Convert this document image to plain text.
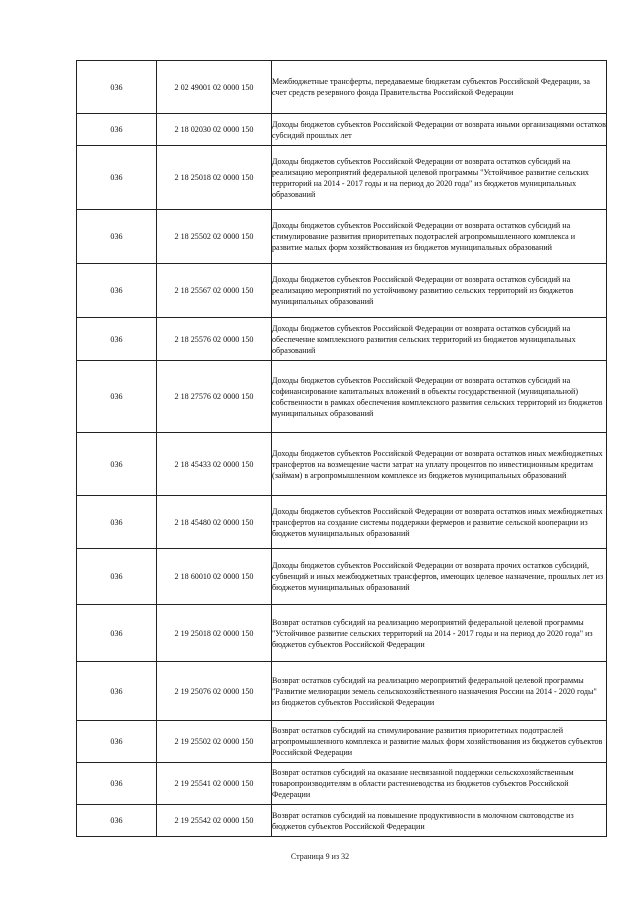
036	2 02 49001 02 0000 150	Межбюджетные трансферты, передаваемые бюджетам субъектов Российской Федерации, за счет средств резервного фонда Правительства Российской Федерации
036	2 18 02030 02 0000 150	Доходы бюджетов субъектов Российской Федерации от возврата иными организациями остатков субсидий прошлых лет
036	2 18 25018 02 0000 150	Доходы бюджетов субъектов Российской Федерации от возврата остатков субсидий на реализацию мероприятий федеральной целевой программы "Устойчивое развитие сельских территорий на 2014 - 2017 годы и на период до 2020 года" из бюджетов муниципальных образований
036	2 18 25502 02 0000 150	Доходы бюджетов субъектов Российской Федерации от возврата остатков субсидий на стимулирование развития приоритетных подотраслей агропромышленного комплекса и развитие малых форм хозяйствования из бюджетов муниципальных образований
036	2 18 25567 02 0000 150	Доходы бюджетов субъектов Российской Федерации от возврата остатков субсидий на реализацию мероприятий по устойчивому развитию сельских территорий из бюджетов муниципальных образований
036	2 18 25576 02 0000 150	Доходы бюджетов субъектов Российской Федерации от возврата остатков субсидий на обеспечение комплексного развития сельских территорий из бюджетов муниципальных образований
036	2 18 27576 02 0000 150	Доходы бюджетов субъектов Российской Федерации от возврата остатков субсидий на софинансирование капитальных вложений в объекты государственной (муниципальной) собственности в рамках обеспечения комплексного развития сельских территорий из бюджетов муниципальных образований
036	2 18 45433 02 0000 150	Доходы бюджетов субъектов Российской Федерации от возврата остатков иных межбюджетных трансфертов на возмещение части затрат на уплату процентов по инвестиционным кредитам (займам) в агропромышленном комплексе из бюджетов муниципальных образований
036	2 18 45480 02 0000 150	Доходы бюджетов субъектов Российской Федерации от возврата остатков иных межбюджетных трансфертов на создание системы поддержки фермеров и развитие сельской кооперации из бюджетов муниципальных образований
036	2 18 60010 02 0000 150	Доходы бюджетов субъектов Российской Федерации от возврата прочих остатков субсидий, субвенций и иных межбюджетных трансфертов, имеющих целевое назначение, прошлых лет из бюджетов муниципальных образований
036	2 19 25018 02 0000 150	Возврат остатков субсидий на реализацию мероприятий федеральной целевой программы "Устойчивое развитие сельских территорий на 2014 - 2017 годы и на период до 2020 года" из бюджетов субъектов Российской Федерации
036	2 19 25076 02 0000 150	Возврат остатков субсидий на реализацию мероприятий федеральной целевой программы "Развитие мелиорации земель сельскохозяйственного назначения России на 2014 - 2020 годы" из бюджетов субъектов Российской Федерации
036	2 19 25502 02 0000 150	Возврат остатков субсидий на стимулирование развития приоритетных подотраслей агропромышленного комплекса и развитие малых форм хозяйствования из бюджетов субъектов Российской Федерации
036	2 19 25541 02 0000 150	Возврат остатков субсидий на оказание несвязанной поддержки сельскохозяйственным товаропроизводителям в области растениеводства из бюджетов субъектов Российской Федерации
036	2 19 25542 02 0000 150	Возврат остатков субсидий на повышение продуктивности в молочном скотоводстве из бюджетов субъектов Российской Федерации
Страница 9 из 32
